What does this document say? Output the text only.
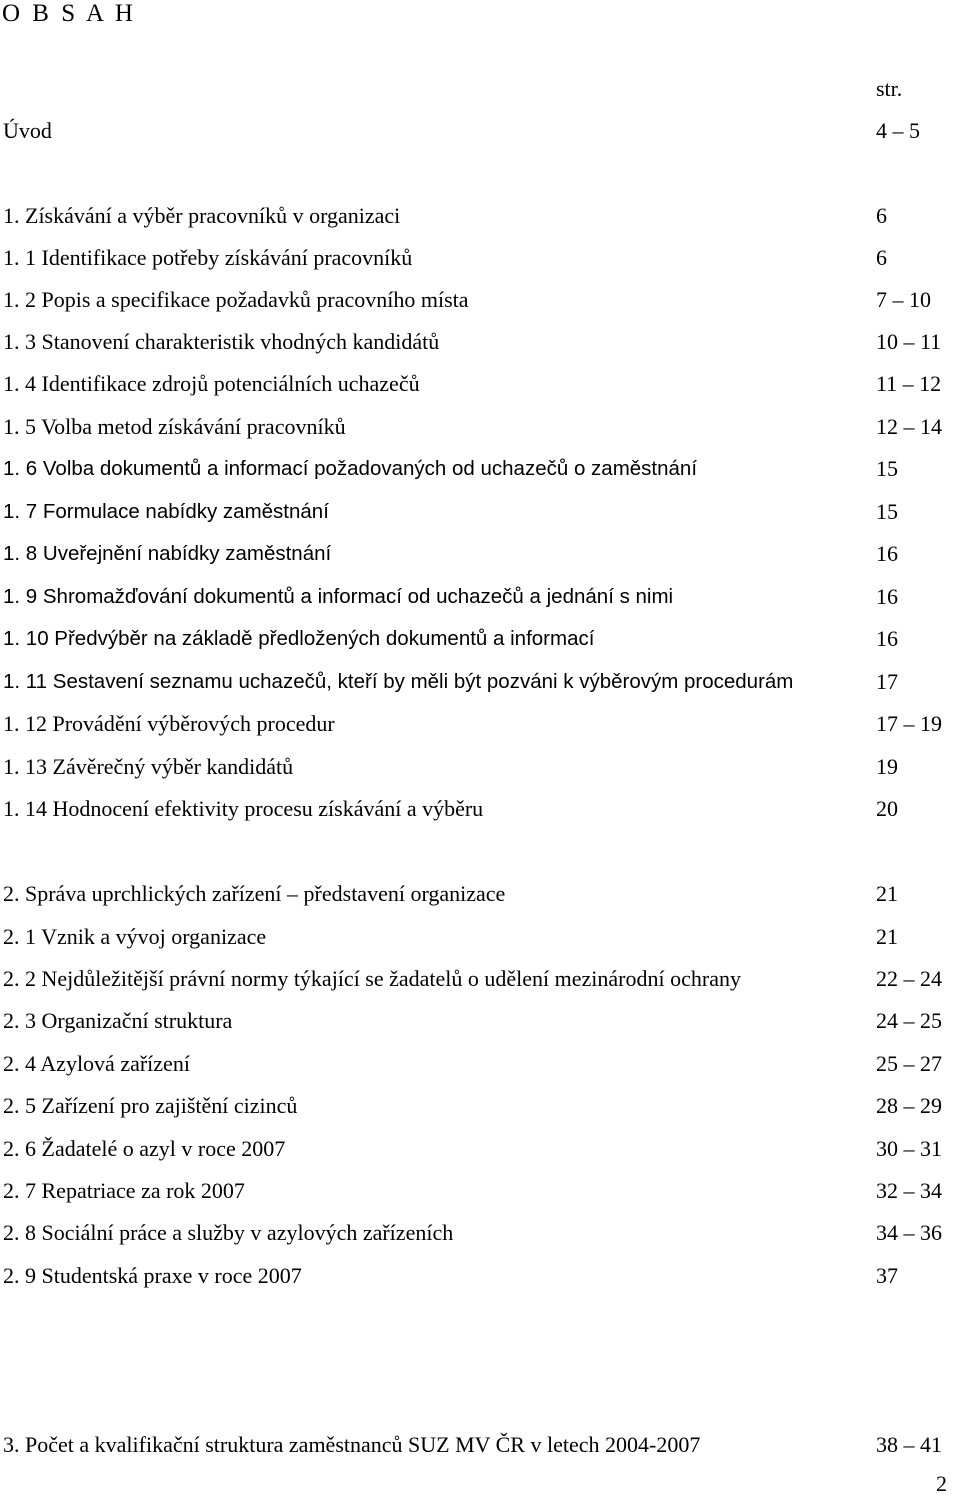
O B S A H
str.
Úvod	4 – 5
1. Získávání a výběr pracovníků v organizaci	6
1. 1 Identifikace potřeby získávání pracovníků	6
1. 2 Popis a specifikace požadavků pracovního místa	7 – 10
1. 3 Stanovení charakteristik vhodných kandidátů	10 – 11
1. 4 Identifikace zdrojů potenciálních uchazečů	11 – 12
1. 5 Volba metod získávání pracovníků	12 – 14
1. 6 Volba dokumentů a informací požadovaných od uchazečů o zaměstnání	15
1. 7 Formulace nabídky zaměstnání	15
1. 8 Uveřejnění nabídky zaměstnání	16
1. 9 Shromažďování dokumentů a informací od uchazečů a jednání s nimi	16
1. 10 Předvýběr na základě předložených dokumentů a informací	16
1. 11 Sestavení seznamu uchazečů, kteří by měli být pozváni k výběrovým procedurám	17
1. 12 Provádění výběrových procedur	17 – 19
1. 13 Závěrečný výběr kandidátů	19
1. 14 Hodnocení efektivity procesu získávání a výběru	20
2. Správa uprchlických zařízení – představení organizace	21
2. 1 Vznik a vývoj organizace	21
2. 2 Nejdůležitější právní normy týkající se žadatelů o udělení mezinárodní ochrany	22 – 24
2. 3 Organizační struktura	24 – 25
2. 4 Azylová zařízení	25 – 27
2. 5 Zařízení pro zajištění cizinců	28 – 29
2. 6 Žadatelé o azyl v roce 2007	30 – 31
2. 7 Repatriace za rok 2007	32 – 34
2. 8 Sociální práce a služby v azylových zařízeních	34 – 36
2. 9 Studentská praxe v roce 2007	37
3. Počet a kvalifikační struktura zaměstnanců SUZ MV ČR v letech 2004-2007	38 – 41
2
